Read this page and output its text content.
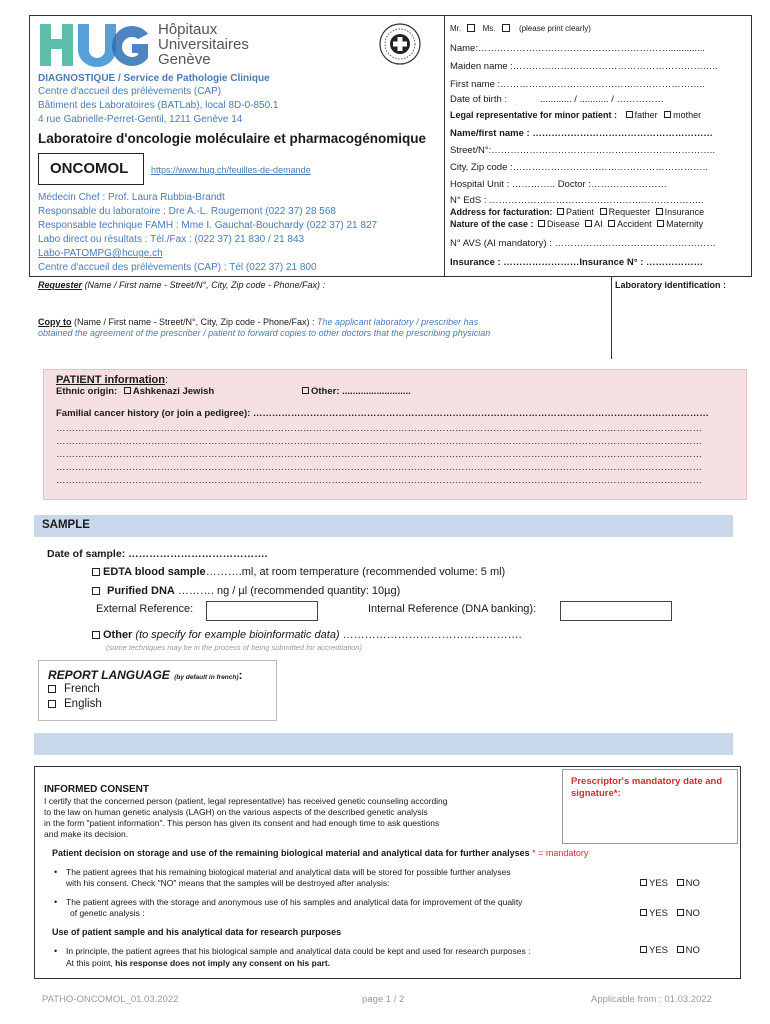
Hôpitaux
Universitaires
Genève
DIAGNOSTIQUE / Service de Pathologie Clinique
Centre d'accueil des prélèvements (CAP)
Bâtiment des Laboratoires (BATLab), local 8D-0-850.1
4 rue Gabrielle-Perret-Gentil, 1211 Genève 14
Laboratoire d'oncologie moléculaire et pharmacogénomique
ONCOMOL	https://www.hug.ch/feuilles-de-demande
Médecin Chef : Prof. Laura Rubbia-Brandt
Responsable du laboratoire : Dre A.-L. Rougemont (022 37) 28 568
Responsable technique FAMH : Mme I. Gauchat-Bouchardy (022 37) 21 827
Labo direct ou résultats : Tél./Fax : (022 37) 21 830 / 21 843
Labo-PATOMPG@hcuge.ch
Centre d'accueil des prélèvements (CAP) : Tél (022 37) 21 800
Mr.	Ms.	(please print clearly)
Name:……………………………………………………..............
Maiden name :………………………………………………………..
First name :………………………………………………………..
Date of birth :	............ / ........... / ……………
Legal representative for minor patient : father mother
Name/first name : …………………………………………………
Street/N°:……………………………………………………………..
City, Zip code :……………………………………………………..
Hospital Unit : ………….. Doctor :……………………
N° EdS : …………………………………………………………..
Address for facturation: Patient Requester Insurance
Nature of the case : Disease AI Accident Maternity
N° AVS (AI mandatory) : ……………………………………………
Insurance : ……………………Insurance N° : ………………
Requester (Name / First name - Street/N°, City, Zip code - Phone/Fax) :	Laboratory identification :
Copy to (Name / First name - Street/N°, City, Zip code - Phone/Fax) : The applicant laboratory / prescriber has
obtained the agreement of the prescriber / patient to forward copies to other doctors that the prescribing physician
PATIENT information:
Ethnic origin: Ashkenazi Jewish	Other: ..........................
Familial cancer history (or join a pedigree): ………………………………………………………………………………………………………………………………
……………………………………………………………………………………………………………………………………………………………………………………
……………………………………………………………………………………………………………………………………………………………………………………
……………………………………………………………………………………………………………………………………………………………………………………
……………………………………………………………………………………………………………………………………………………………………………………
……………………………………………………………………………………………………………………………………………………………………………………
SAMPLE
Date of sample: ………………………………….
EDTA blood sample……….ml, at room temperature (recommended volume: 5 ml)
Purified DNA ………. ng / µl (recommended quantity: 10µg)
External Reference:	Internal Reference (DNA banking):
Other (to specify for example bioinformatic data) ………………………………………….
(some techniques may be in the process of being submitted for accreditation)
REPORT LANGUAGE (by default in french):
French
English
Prescriptor's mandatory date and
signature*:
INFORMED CONSENT
I certify that the concerned person (patient, legal representative) has received genetic counseling according
to the law on human genetic analysis (LAGH) on the various aspects of the described genetic analysis
in the form "patient information". This person has given its consent and had enough time to ask questions
and make its decision.
Patient decision on storage and use of the remaining biological material and analytical data for further analyses * = mandatory
• The patient agrees that his remaining biological material and analytical data will be stored for possible further analyses
with his consent. Check "NO" means that the samples will be destroyed after analysis:	YES NO
• The patient agrees with the storage and anonymous use of his samples and analytical data for improvement of the quality
of genetic analysis :	YES NO
Use of patient sample and his analytical data for research purposes
• In principle, the patient agrees that his biological sample and analytical data could be kept and used for research purposes :	YES NO
At this point, his response does not imply any consent on his part.
PATHO-ONCOMOL_01.03.2022	page 1 / 2	Applicable from : 01.03.2022
